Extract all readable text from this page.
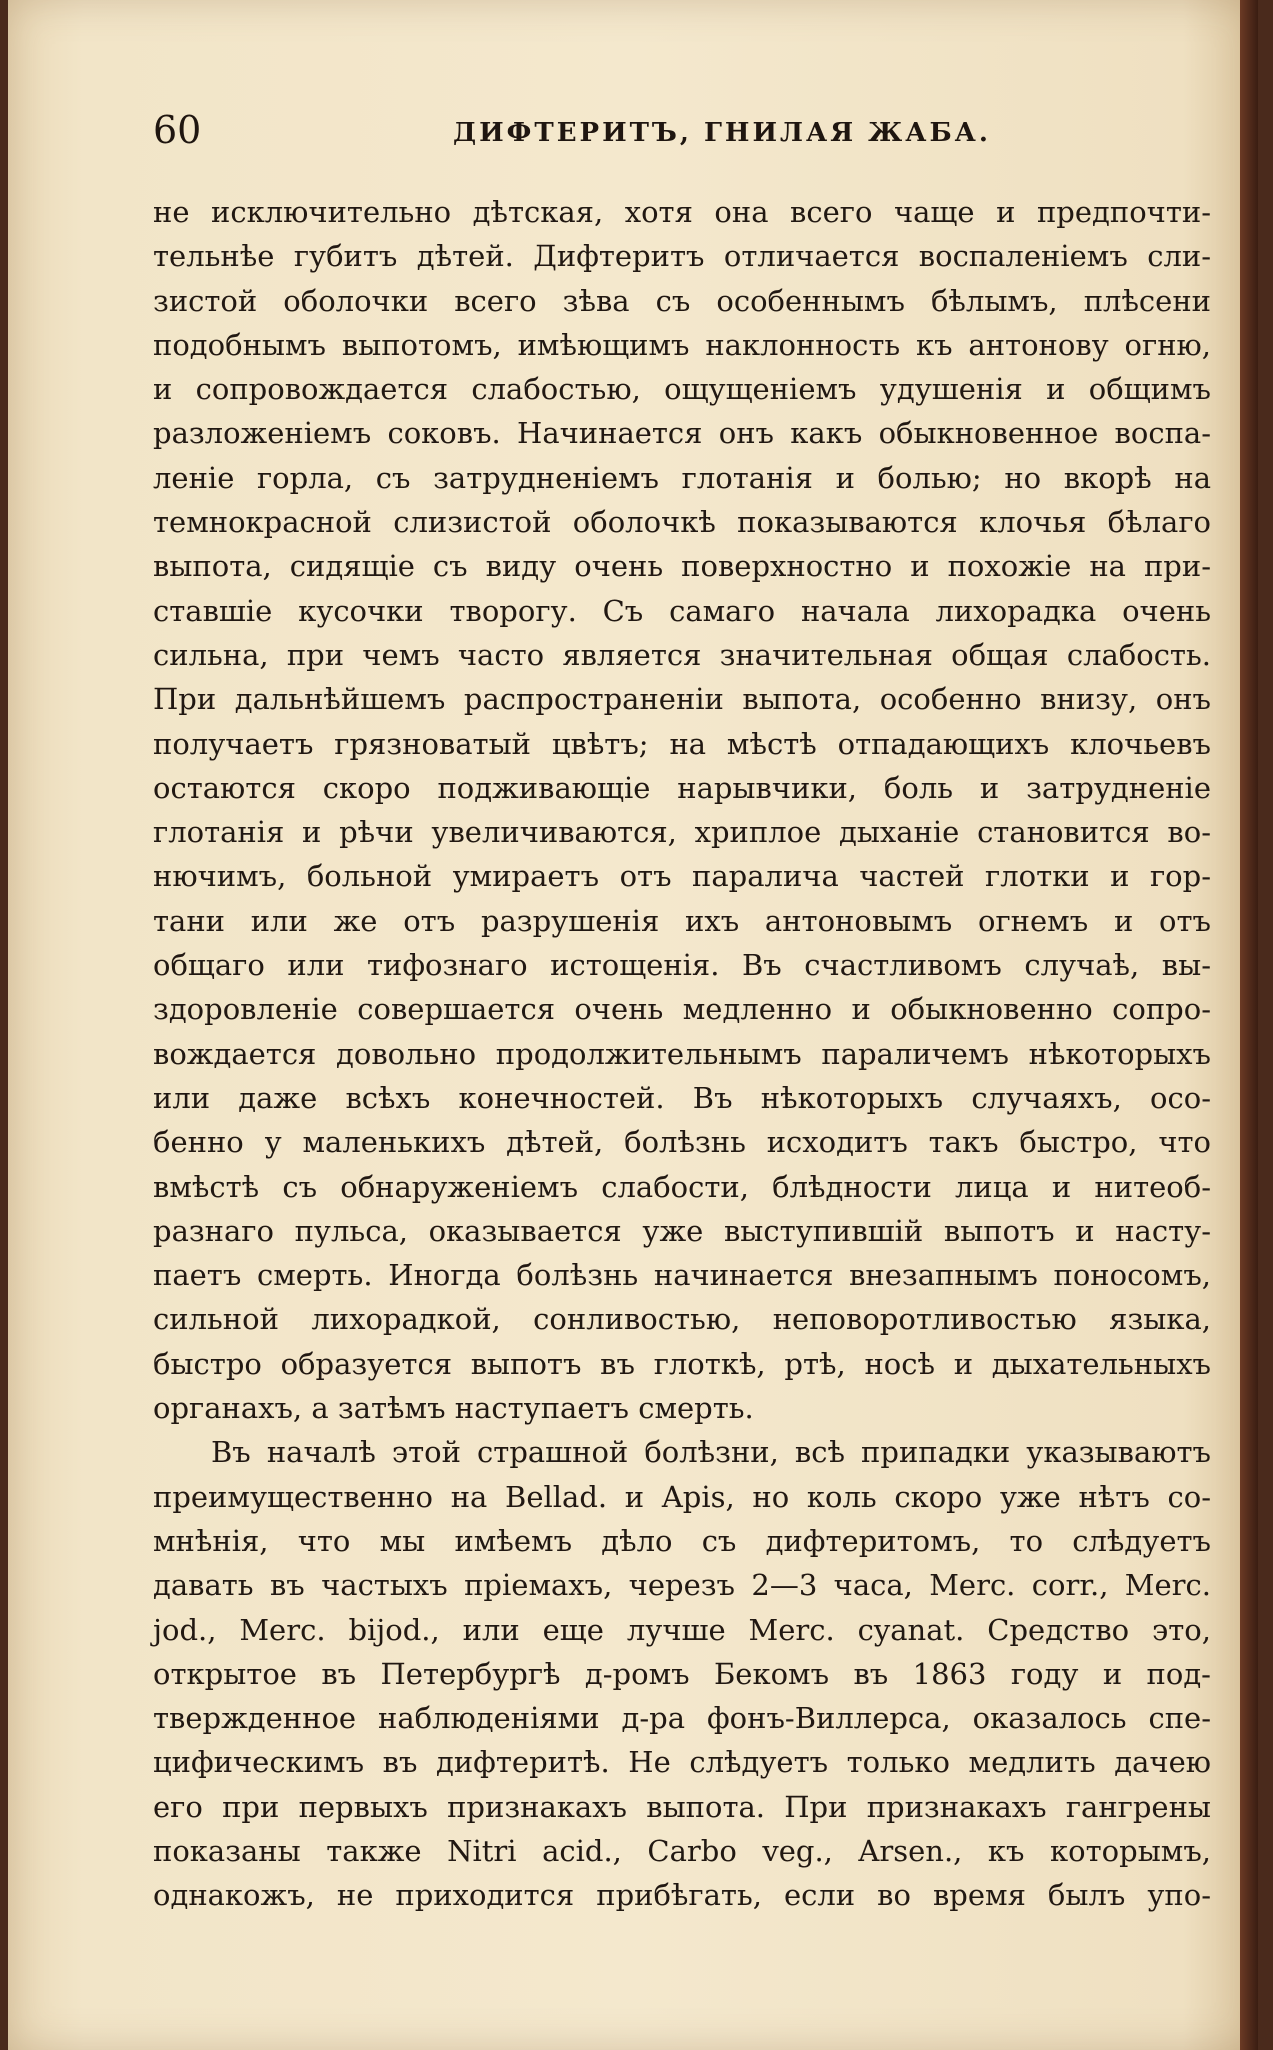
60	ДИФТЕРИТЪ, ГНИЛАЯ ЖАБА.
не исключительно дѣтская, хотя она всего чаще и предпочти-
тельнѣе губитъ дѣтей. Дифтеритъ отличается воспаленiемъ сли-
зистой оболочки всего зѣва съ особеннымъ бѣлымъ, плѣсени
подобнымъ выпотомъ, имѣющимъ наклонность къ антонову огню,
и сопровождается слабостью, ощущенiемъ удушенiя и общимъ
разложенiемъ соковъ. Начинается онъ какъ обыкновенное воспа-
ленiе горла, съ затрудненiемъ глотанiя и болью; но вкорѣ на
темнокрасной слизистой оболочкѣ показываются клочья бѣлаго
выпота, сидящiе съ виду очень поверхностно и похожiе на при-
ставшiе кусочки творогу. Съ самаго начала лихорадка очень
сильна, при чемъ часто является значительная общая слабость.
При дальнѣйшемъ распространенiи выпота, особенно внизу, онъ
получаетъ грязноватый цвѣтъ; на мѣстѣ отпадающихъ клочьевъ
остаются скоро подживающiе нарывчики, боль и затрудненiе
глотанiя и рѣчи увеличиваются, хриплое дыханiе становится во-
нючимъ, больной умираетъ отъ паралича частей глотки и гор-
тани или же отъ разрушенiя ихъ антоновымъ огнемъ и отъ
общаго или тифознаго истощенiя. Въ счастливомъ случаѣ, вы-
здоровленiе совершается очень медленно и обыкновенно сопро-
вождается довольно продолжительнымъ параличемъ нѣкоторыхъ
или даже всѣхъ конечностей. Въ нѣкоторыхъ случаяхъ, осо-
бенно у маленькихъ дѣтей, болѣзнь исходитъ такъ быстро, что
вмѣстѣ съ обнаруженiемъ слабости, блѣдности лица и нитеоб-
разнаго пульса, оказывается уже выступившiй выпотъ и насту-
паетъ смерть. Иногда болѣзнь начинается внезапнымъ поносомъ,
сильной лихорадкой, сонливостью, неповоротливостью языка,
быстро образуется выпотъ въ глоткѣ, ртѣ, носѣ и дыхательныхъ
органахъ, а затѣмъ наступаетъ смерть.
Въ началѣ этой страшной болѣзни, всѣ припадки указываютъ
преимущественно на Bellad. и Apis, но коль скоро уже нѣтъ со-
мнѣнiя, что мы имѣемъ дѣло съ дифтеритомъ, то слѣдуетъ
давать въ частыхъ прiемахъ, черезъ 2—3 часа, Merc. corr., Merc.
jod., Merc. bijod., или еще лучше Merc. cyanat. Средство это,
открытое въ Петербургѣ д-ромъ Бекомъ въ 1863 году и под-
твержденное наблюденiями д-ра фонъ-Виллерса, оказалось спе-
цифическимъ въ дифтеритѣ. Не слѣдуетъ только медлить дачею
его при первыхъ признакахъ выпота. При признакахъ гангрены
показаны также Nitri acid., Carbo veg., Arsen., къ которымъ,
однакожъ, не приходится прибѣгать, если во время былъ упо-
